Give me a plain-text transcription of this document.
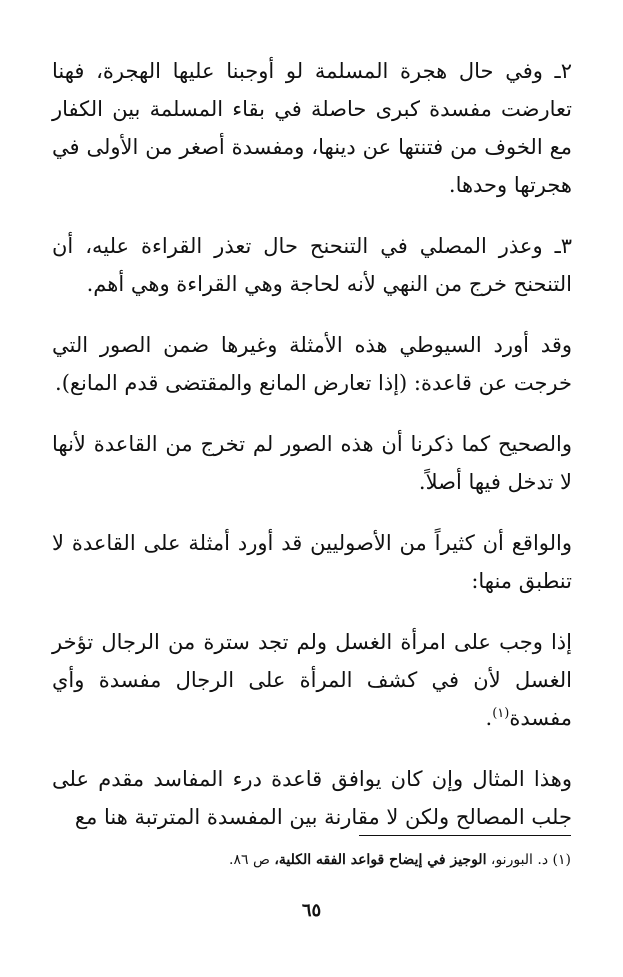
٢ـ وفي حال هجرة المسلمة لو أوجبنا عليها الهجرة، فهنا تعارضت مفسدة كبرى حاصلة في بقاء المسلمة بين الكفار مع الخوف من فتنتها عن دينها، ومفسدة أصغر من الأولى في هجرتها وحدها.

٣ـ وعذر المصلي في التنحنح حال تعذر القراءة عليه، أن التنحنح خرج من النهي لأنه لحاجة وهي القراءة وهي أهم.

وقد أورد السيوطي هذه الأمثلة وغيرها ضمن الصور التي خرجت عن قاعدة: (إذا تعارض المانع والمقتضى قدم المانع).

والصحيح كما ذكرنا أن هذه الصور لم تخرج من القاعدة لأنها لا تدخل فيها أصلاً.

والواقع أن كثيراً من الأصوليين قد أورد أمثلة على القاعدة لا تنطبق منها:

إذا وجب على امرأة الغسل ولم تجد سترة من الرجال تؤخر الغسل لأن في كشف المرأة على الرجال مفسدة وأي مفسدة$^{(١)}$.

وهذا المثال وإن كان يوافق قاعدة درء المفاسد مقدم على جلب المصالح ولكن لا مقارنة بين المفسدة المترتبة هنا مع

(١) د. البورنو، الوجيز في إيضاح قواعد الفقه الكلية، ص ٨٦.
٦٥
